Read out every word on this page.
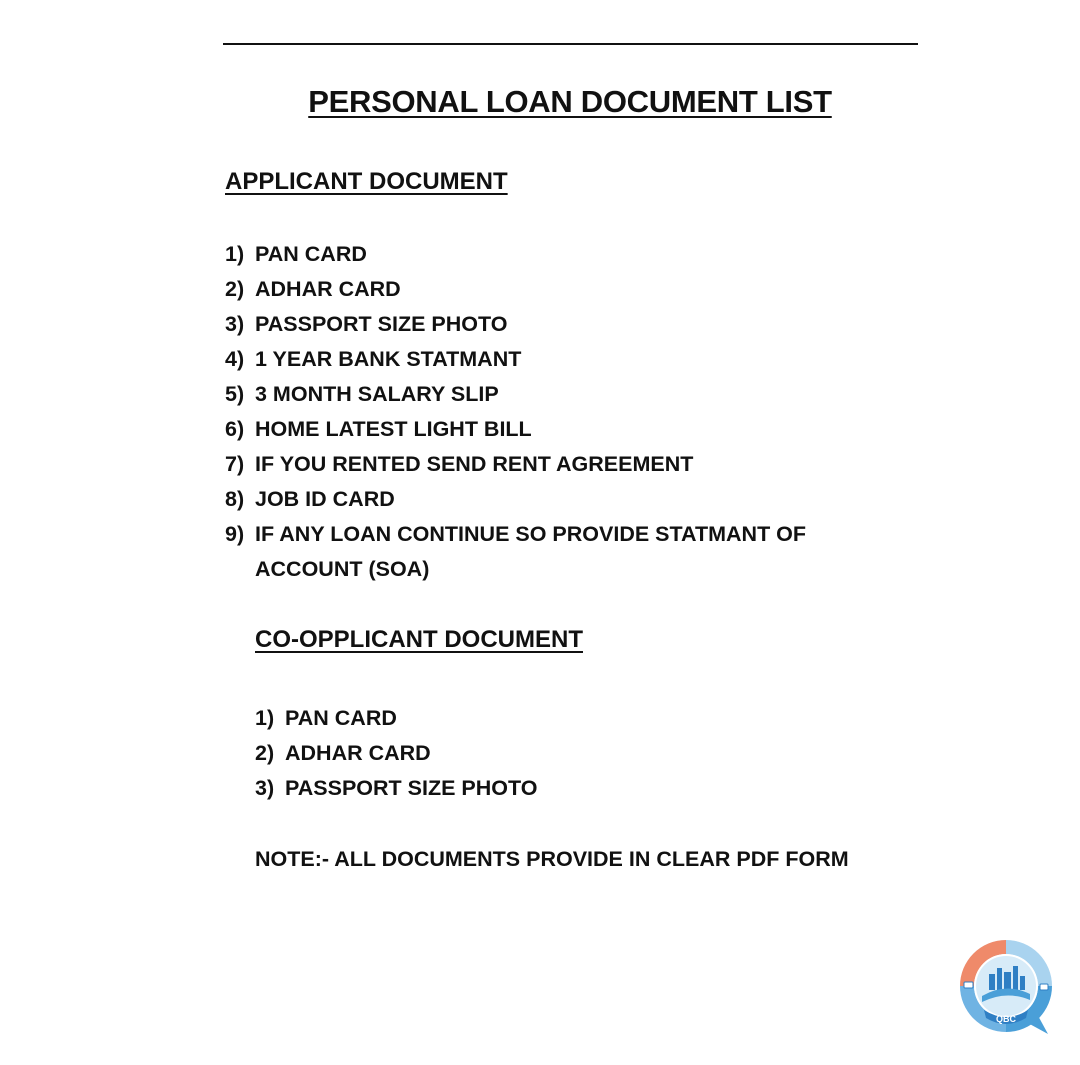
PERSONAL LOAN DOCUMENT LIST
APPLICANT DOCUMENT
1) PAN CARD
2) ADHAR CARD
3) PASSPORT SIZE PHOTO
4) 1 YEAR BANK STATMANT
5) 3 MONTH SALARY SLIP
6) HOME LATEST LIGHT BILL
7) IF YOU RENTED SEND RENT AGREEMENT
8) JOB ID CARD
9) IF ANY LOAN CONTINUE SO PROVIDE STATMANT OF ACCOUNT (SOA)
CO-OPPLICANT DOCUMENT
1) PAN CARD
2) ADHAR CARD
3) PASSPORT SIZE PHOTO
NOTE:- ALL DOCUMENTS PROVIDE IN CLEAR PDF FORM
QBC
